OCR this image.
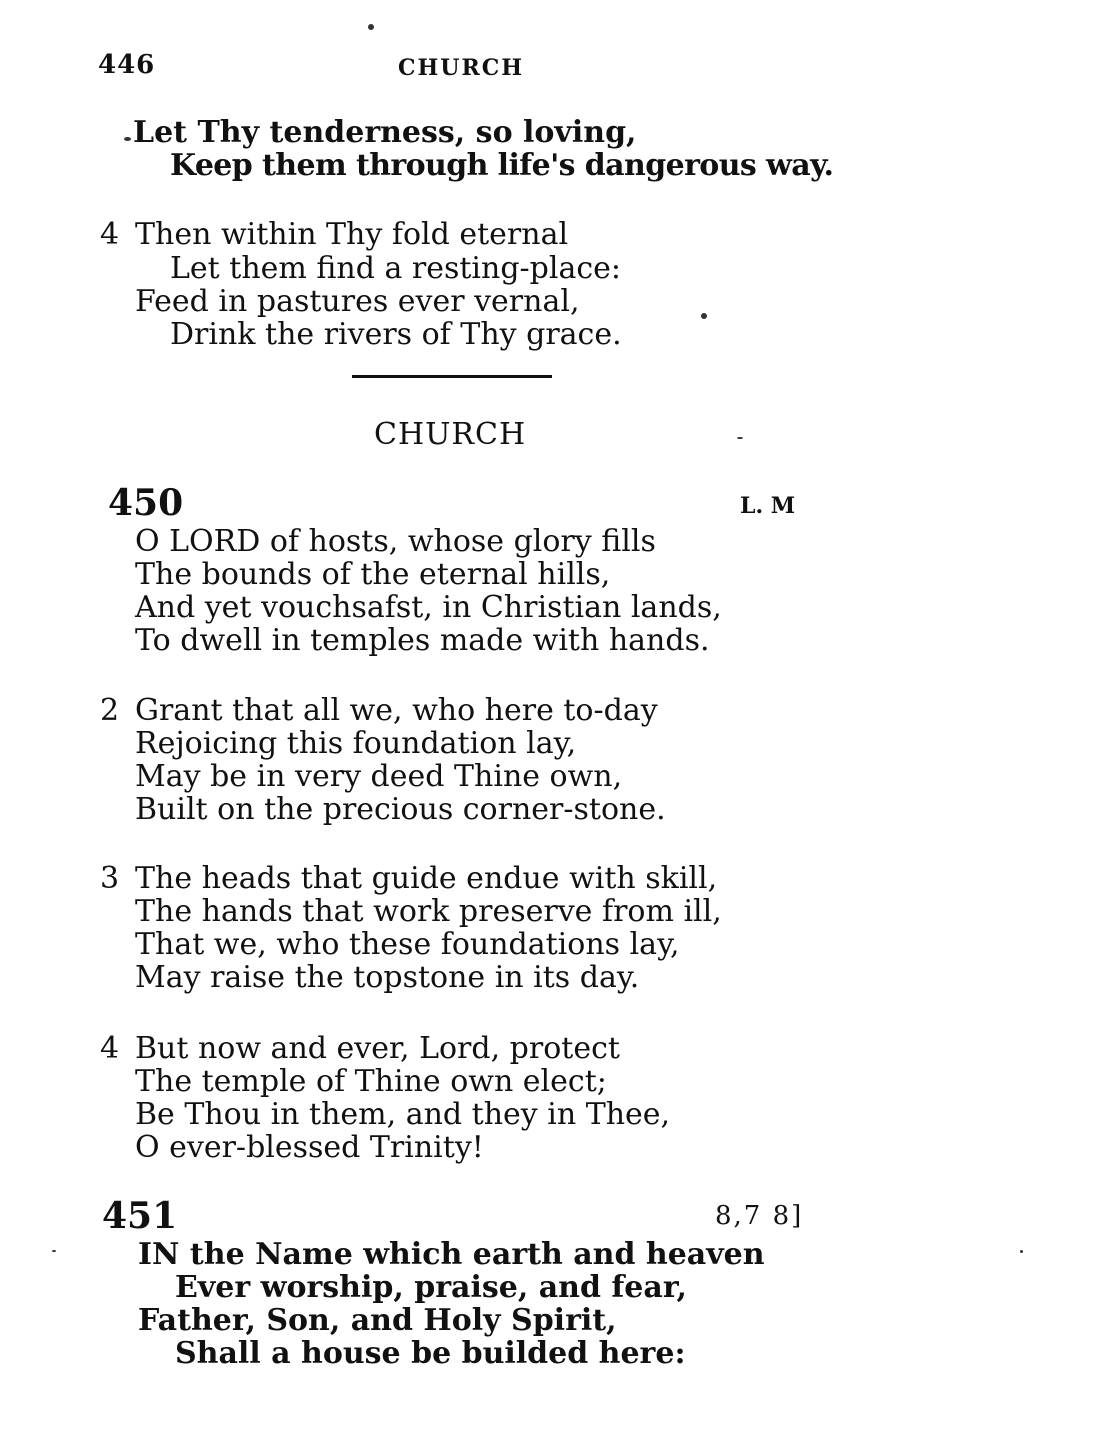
446	CHURCH
Let Thy tenderness, so loving,
Keep them through life's dangerous way.
4 Then within Thy fold eternal
Let them find a resting-place:
Feed in pastures ever vernal,
Drink the rivers of Thy grace.
CHURCH
450	L. M
O LORD of hosts, whose glory fills
The bounds of the eternal hills,
And yet vouchsafst, in Christian lands,
To dwell in temples made with hands.
2 Grant that all we, who here to-day
Rejoicing this foundation lay,
May be in very deed Thine own,
Built on the precious corner-stone.
3 The heads that guide endue with skill,
The hands that work preserve from ill,
That we, who these foundations lay,
May raise the topstone in its day.
4 But now and ever, Lord, protect
The temple of Thine own elect;
Be Thou in them, and they in Thee,
O ever-blessed Trinity!
451	8,7 8]
IN the Name which earth and heaven
Ever worship, praise, and fear,
Father, Son, and Holy Spirit,
Shall a house be builded here:
